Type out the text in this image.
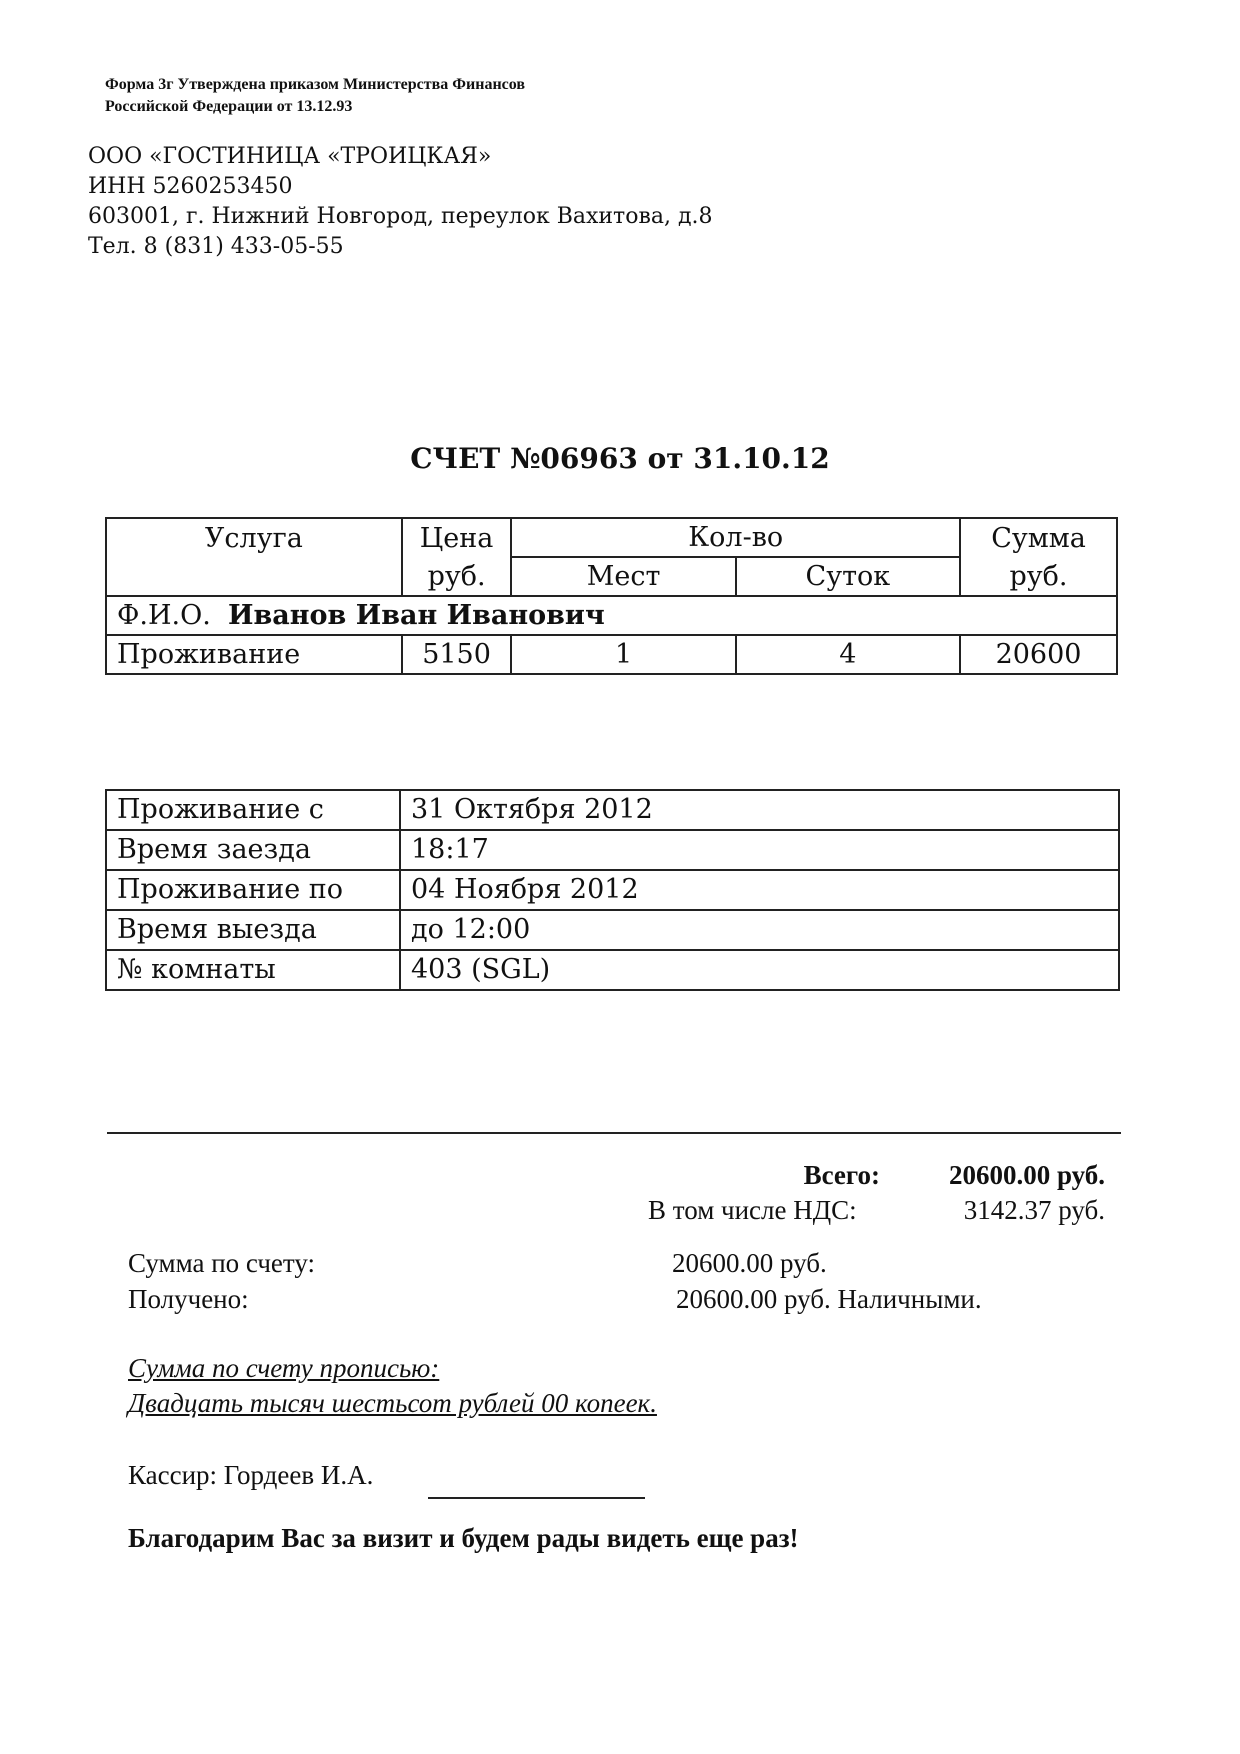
Форма 3г Утверждена приказом Министерства Финансов
Российской Федерации от 13.12.93
ООО «ГОСТИНИЦА «ТРОИЦКАЯ»
ИНН 5260253450
603001, г. Нижний Новгород, переулок Вахитова, д.8
Тел. 8 (831) 433-05-55
СЧЕТ №06963 от 31.10.12
Услуга	Цена	Кол-во		Сумма
	руб.	Мест	Суток	руб.
Ф.И.О. Иванов Иван Иванович				
Проживание	5150	1	4	20600
Проживание с	31 Октября 2012
Время заезда	18:17
Проживание по	04 Ноября 2012
Время выезда	до 12:00
№ комнаты	403 (SGL)
Всего:	20600.00 руб.
В том числе НДС:	3142.37 руб.
Сумма по счету:	20600.00 руб.
Получено:	20600.00 руб. Наличными.
Сумма по счету прописью:
Двадцать тысяч шестьсот рублей 00 копеек.
Кассир: Гордеев И.А.
Благодарим Вас за визит и будем рады видеть еще раз!
